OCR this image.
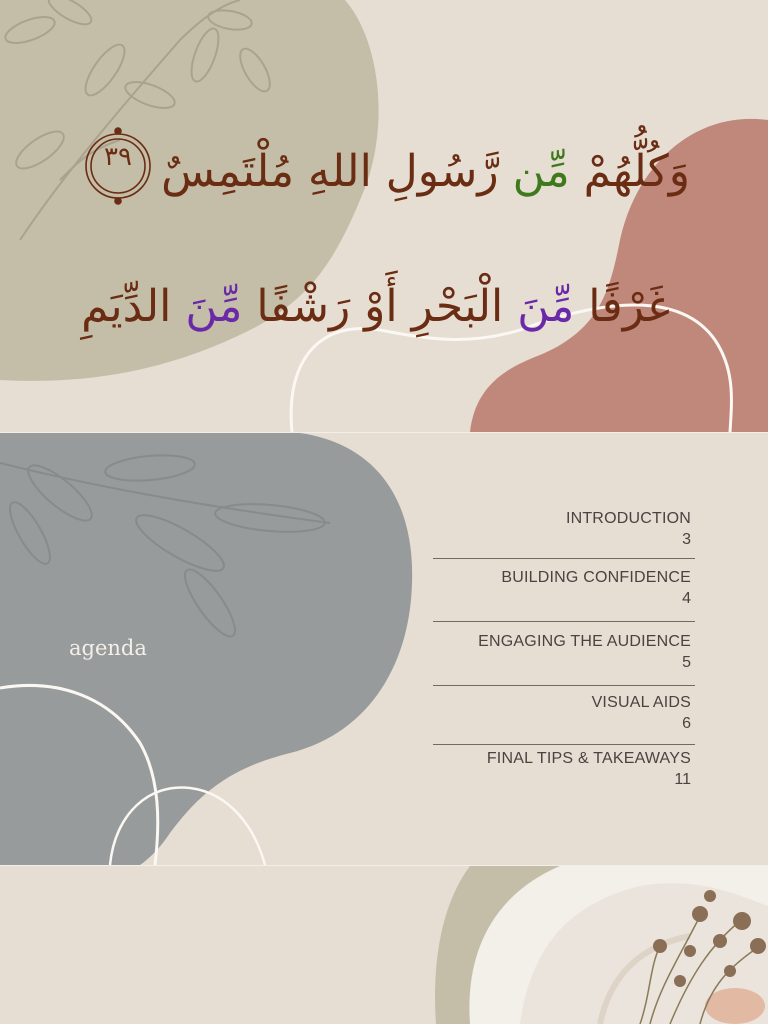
٣٩	وَكُلُّهُمْ مِّن رَّسُولِ اللهِ مُلْتَمِسٌ
غَرْفًا مِّنَ الْبَحْرِ أَوْ رَشْفًا مِّنَ الدِّيَمِ
agenda
INTRODUCTION
3
BUILDING CONFIDENCE
4
ENGAGING THE AUDIENCE
5
VISUAL AIDS
6
FINAL TIPS & TAKEAWAYS
11
